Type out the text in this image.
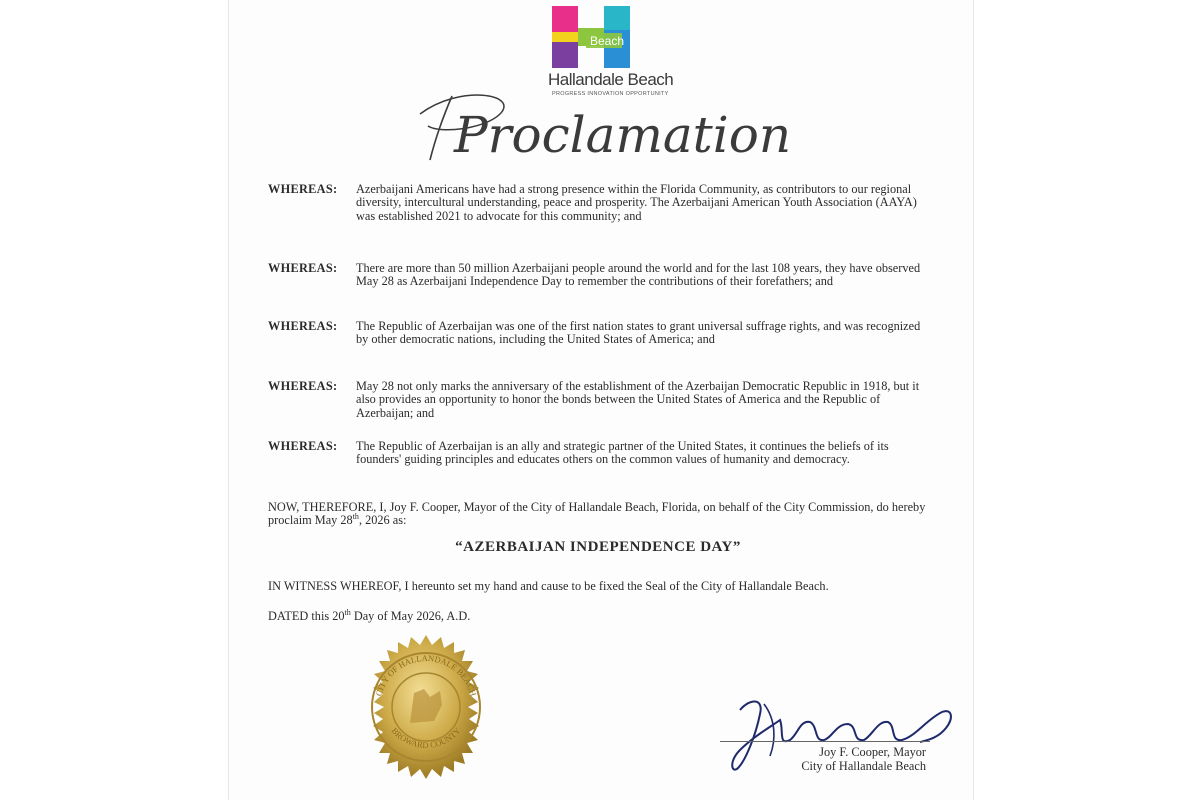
Beach
Hallandale Beach
PROGRESS INNOVATION OPPORTUNITY
Proclamation
WHEREAS:	Azerbaijani Americans have had a strong presence within the Florida Community, as contributors to our regional diversity, intercultural understanding, peace and prosperity. The Azerbaijani American Youth Association (AAYA) was established 2021 to advocate for this community; and
WHEREAS:	There are more than 50 million Azerbaijani people around the world and for the last 108 years, they have observed May 28 as Azerbaijani Independence Day to remember the contributions of their forefathers; and
WHEREAS:	The Republic of Azerbaijan was one of the first nation states to grant universal suffrage rights, and was recognized by other democratic nations, including the United States of America; and
WHEREAS:	May 28 not only marks the anniversary of the establishment of the Azerbaijan Democratic Republic in 1918, but it also provides an opportunity to honor the bonds between the United States of America and the Republic of Azerbaijan; and
WHEREAS:	The Republic of Azerbaijan is an ally and strategic partner of the United States, it continues the beliefs of its founders' guiding principles and educates others on the common values of humanity and democracy.
NOW, THEREFORE, I, Joy F. Cooper, Mayor of the City of Hallandale Beach, Florida, on behalf of the City Commission, do hereby proclaim May 28th, 2026 as:
“AZERBAIJAN INDEPENDENCE DAY”
IN WITNESS WHEREOF, I hereunto set my hand and cause to be fixed the Seal of the City of Hallandale Beach.
DATED this 20th Day of May 2026, A.D.
CITY OF HALLANDALE BEACH
BROWARD COUNTY
Joy F. Cooper, Mayor
City of Hallandale Beach
